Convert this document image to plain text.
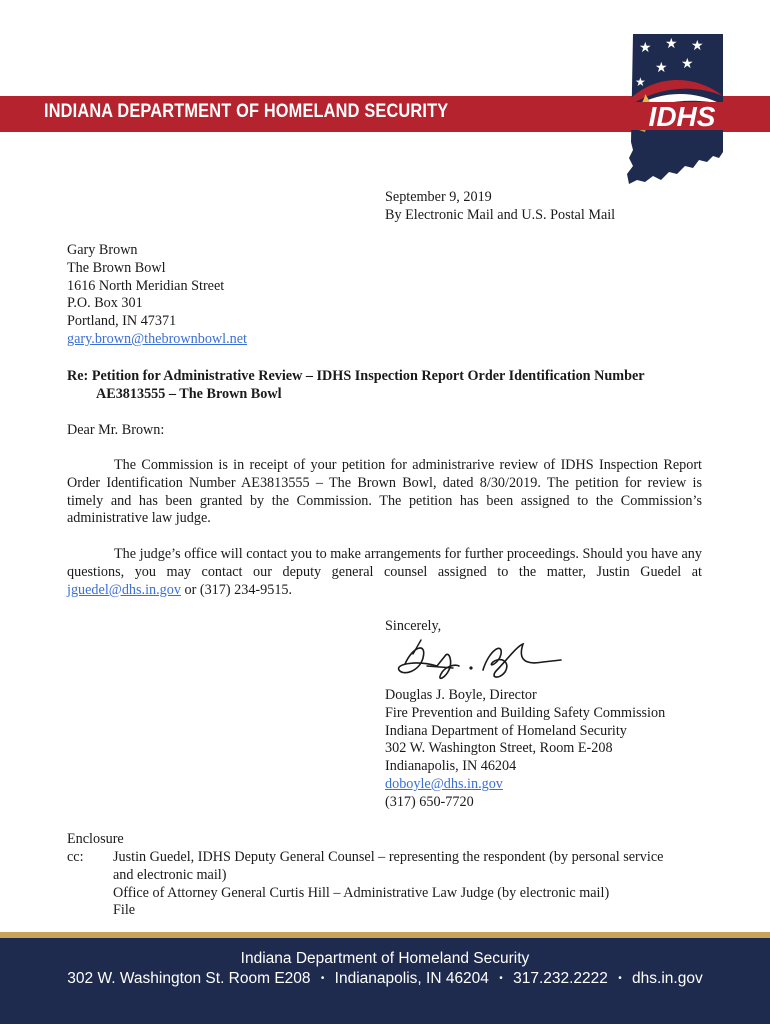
INDIANA DEPARTMENT OF HOMELAND SECURITY
★ ★ ★
★ ★
★
IDHS
September 9, 2019
By Electronic Mail and U.S. Postal Mail
Gary Brown
The Brown Bowl
1616 North Meridian Street
P.O. Box 301
Portland, IN 47371
gary.brown@thebrownbowl.net
Re: Petition for Administrative Review – IDHS Inspection Report Order Identification Number
AE3813555 – The Brown Bowl
Dear Mr. Brown:
The Commission is in receipt of your petition for administrarive review of IDHS Inspection Report Order Identification Number AE3813555 – The Brown Bowl, dated 8/30/2019. The petition for review is timely and has been granted by the Commission. The petition has been assigned to the Commission’s administrative law judge.
The judge’s office will contact you to make arrangements for further proceedings. Should you have any questions, you may contact our deputy general counsel assigned to the matter, Justin Guedel at jguedel@dhs.in.gov or (317) 234-9515.
Sincerely,
Douglas J. Boyle, Director
Fire Prevention and Building Safety Commission
Indiana Department of Homeland Security
302 W. Washington Street, Room E-208
Indianapolis, IN 46204
doboyle@dhs.in.gov
(317) 650-7720
Enclosure
cc: Justin Guedel, IDHS Deputy General Counsel – representing the respondent (by personal service
and electronic mail)
Office of Attorney General Curtis Hill – Administrative Law Judge (by electronic mail)
File
Indiana Department of Homeland Security
302 W. Washington St. Room E208 • Indianapolis, IN 46204 • 317.232.2222 • dhs.in.gov
